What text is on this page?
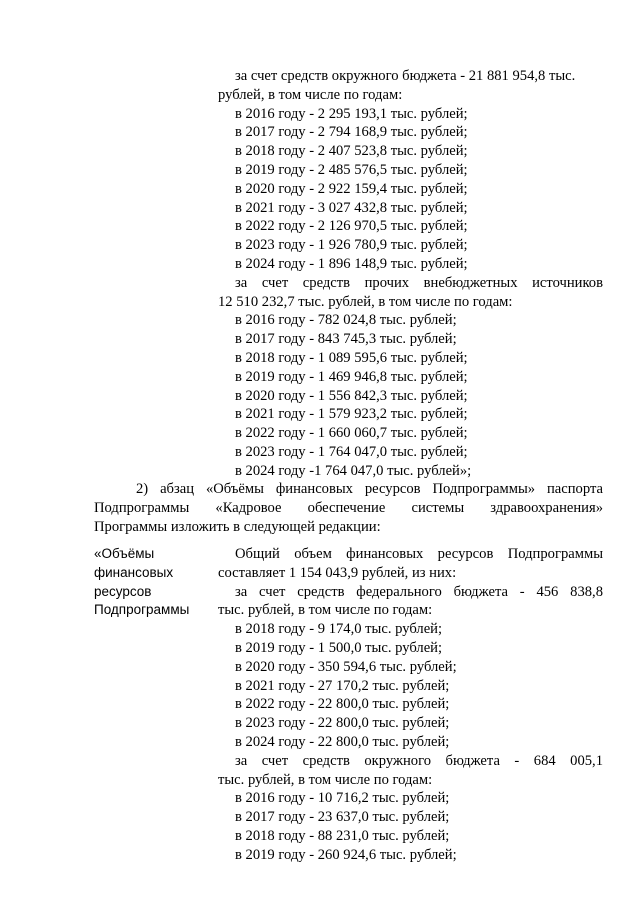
за счет средств окружного бюджета - 21 881 954,8 тыс.
рублей, в том числе по годам:
в 2016 году - 2 295 193,1 тыс. рублей;
в 2017 году - 2 794 168,9 тыс. рублей;
в 2018 году - 2 407 523,8 тыс. рублей;
в 2019 году - 2 485 576,5 тыс. рублей;
в 2020 году - 2 922 159,4 тыс. рублей;
в 2021 году - 3 027 432,8 тыс. рублей;
в 2022 году - 2 126 970,5 тыс. рублей;
в 2023 году - 1 926 780,9 тыс. рублей;
в 2024 году - 1 896 148,9 тыс. рублей;
за счет средств прочих внебюджетных источников
12 510 232,7 тыс. рублей, в том числе по годам:
в 2016 году - 782 024,8 тыс. рублей;
в 2017 году - 843 745,3 тыс. рублей;
в 2018 году - 1 089 595,6 тыс. рублей;
в 2019 году - 1 469 946,8 тыс. рублей;
в 2020 году - 1 556 842,3 тыс. рублей;
в 2021 году - 1 579 923,2 тыс. рублей;
в 2022 году - 1 660 060,7 тыс. рублей;
в 2023 году - 1 764 047,0 тыс. рублей;
в 2024 году -1 764 047,0 тыс. рублей»;
2) абзац «Объёмы финансовых ресурсов Подпрограммы» паспорта
Подпрограммы «Кадровое обеспечение системы здравоохранения»
Программы изложить в следующей редакции:
«Объёмы
финансовых
ресурсов
Подпрограммы
Общий объем финансовых ресурсов Подпрограммы
составляет 1 154 043,9 рублей, из них:
за счет средств федерального бюджета - 456 838,8
тыс. рублей, в том числе по годам:
в 2018 году - 9 174,0 тыс. рублей;
в 2019 году - 1 500,0 тыс. рублей;
в 2020 году - 350 594,6 тыс. рублей;
в 2021 году - 27 170,2 тыс. рублей;
в 2022 году - 22 800,0 тыс. рублей;
в 2023 году - 22 800,0 тыс. рублей;
в 2024 году - 22 800,0 тыс. рублей;
за счет средств окружного бюджета - 684 005,1
тыс. рублей, в том числе по годам:
в 2016 году - 10 716,2 тыс. рублей;
в 2017 году - 23 637,0 тыс. рублей;
в 2018 году - 88 231,0 тыс. рублей;
в 2019 году - 260 924,6 тыс. рублей;
